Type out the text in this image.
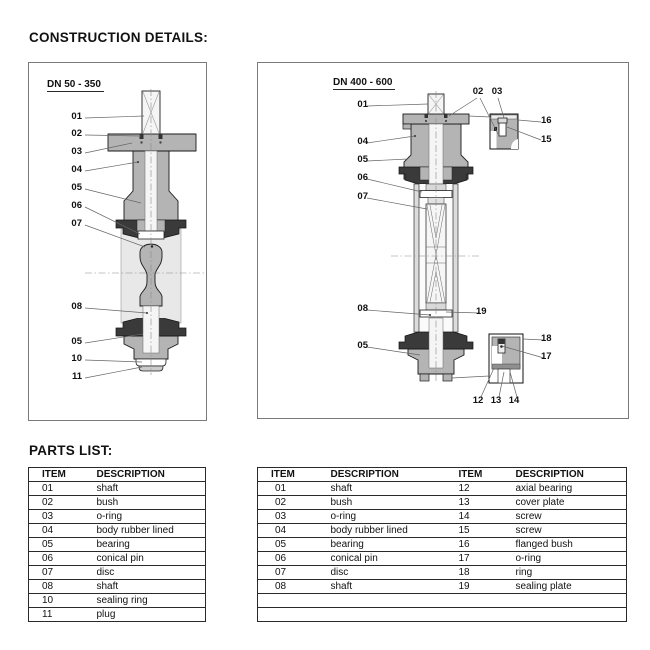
CONSTRUCTION DETAILS:
DN 50 - 350	DN 400 - 600
01
02
03
04
05
06
07
08
05
10
11
01
04
05
06
07
08
05
02 03
16
15
18
17
12 13 14
19
PARTS LIST:
ITEM	DESCRIPTION
01	shaft
02	bush
03	o-ring
04	body rubber lined
05	bearing
06	conical pin
07	disc
08	shaft
10	sealing ring
11	plug
ITEM	DESCRIPTION	ITEM	DESCRIPTION
01	shaft	12	axial bearing
02	bush	13	cover plate
03	o-ring	14	screw
04	body rubber lined	15	screw
05	bearing	16	flanged bush
06	conical pin	17	o-ring
07	disc	18	ring
08	shaft	19	sealing plate
